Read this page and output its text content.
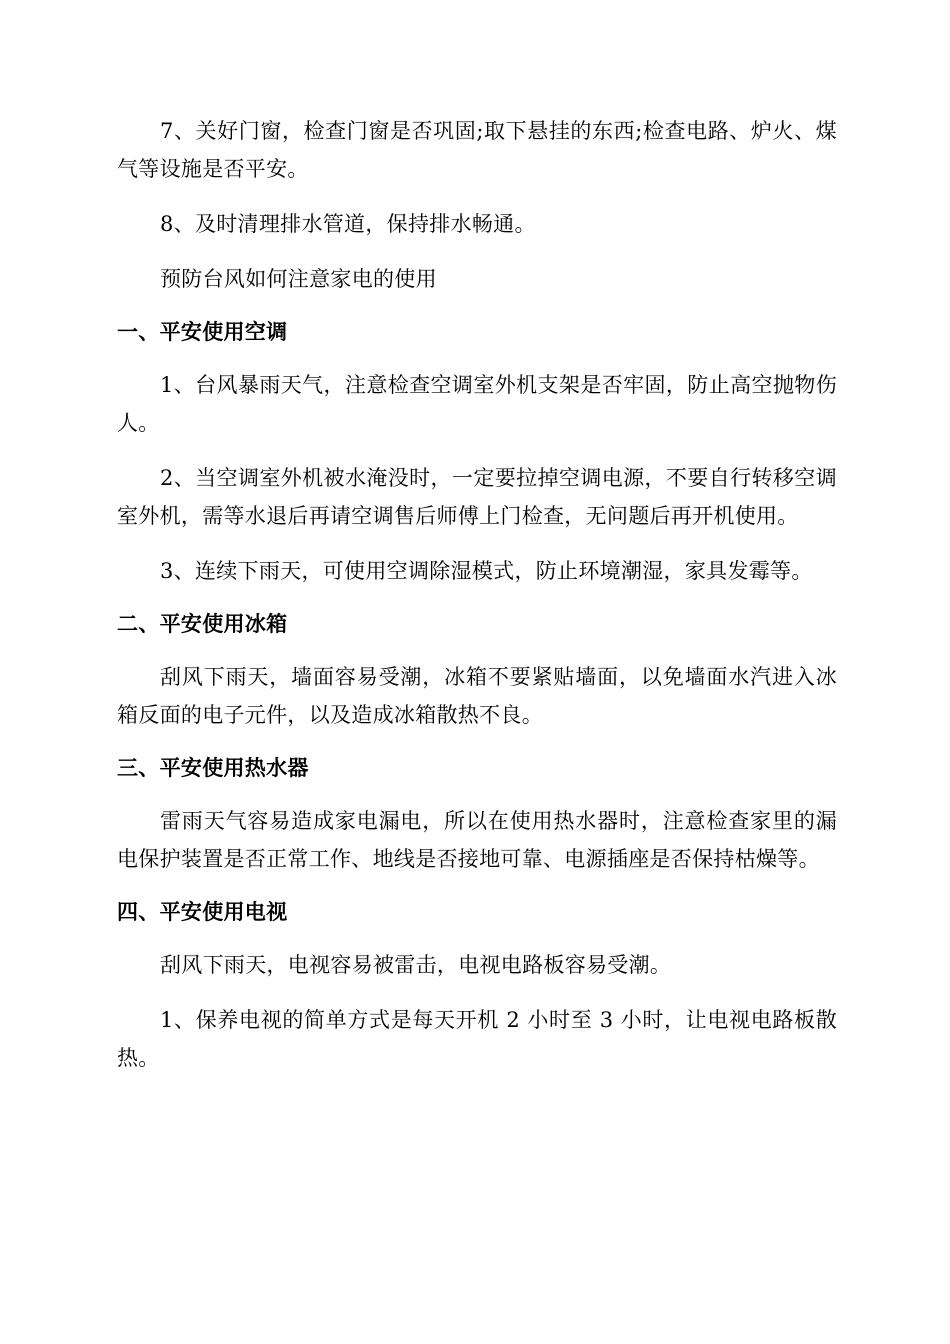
7、关好门窗，检查门窗是否巩固;取下悬挂的东西;检查电路、炉火、煤气等设施是否平安。

8、及时清理排水管道，保持排水畅通。

预防台风如何注意家电的使用

一、平安使用空调

1、台风暴雨天气，注意检查空调室外机支架是否牢固，防止高空抛物伤人。

2、当空调室外机被水淹没时，一定要拉掉空调电源，不要自行转移空调室外机，需等水退后再请空调售后师傅上门检查，无问题后再开机使用。

3、连续下雨天，可使用空调除湿模式，防止环境潮湿，家具发霉等。

二、平安使用冰箱

刮风下雨天，墙面容易受潮，冰箱不要紧贴墙面，以免墙面水汽进入冰箱反面的电子元件，以及造成冰箱散热不良。

三、平安使用热水器

雷雨天气容易造成家电漏电，所以在使用热水器时，注意检查家里的漏电保护装置是否正常工作、地线是否接地可靠、电源插座是否保持枯燥等。

四、平安使用电视

刮风下雨天，电视容易被雷击，电视电路板容易受潮。

1、保养电视的简单方式是每天开机 2 小时至 3 小时，让电视电路板散热。
